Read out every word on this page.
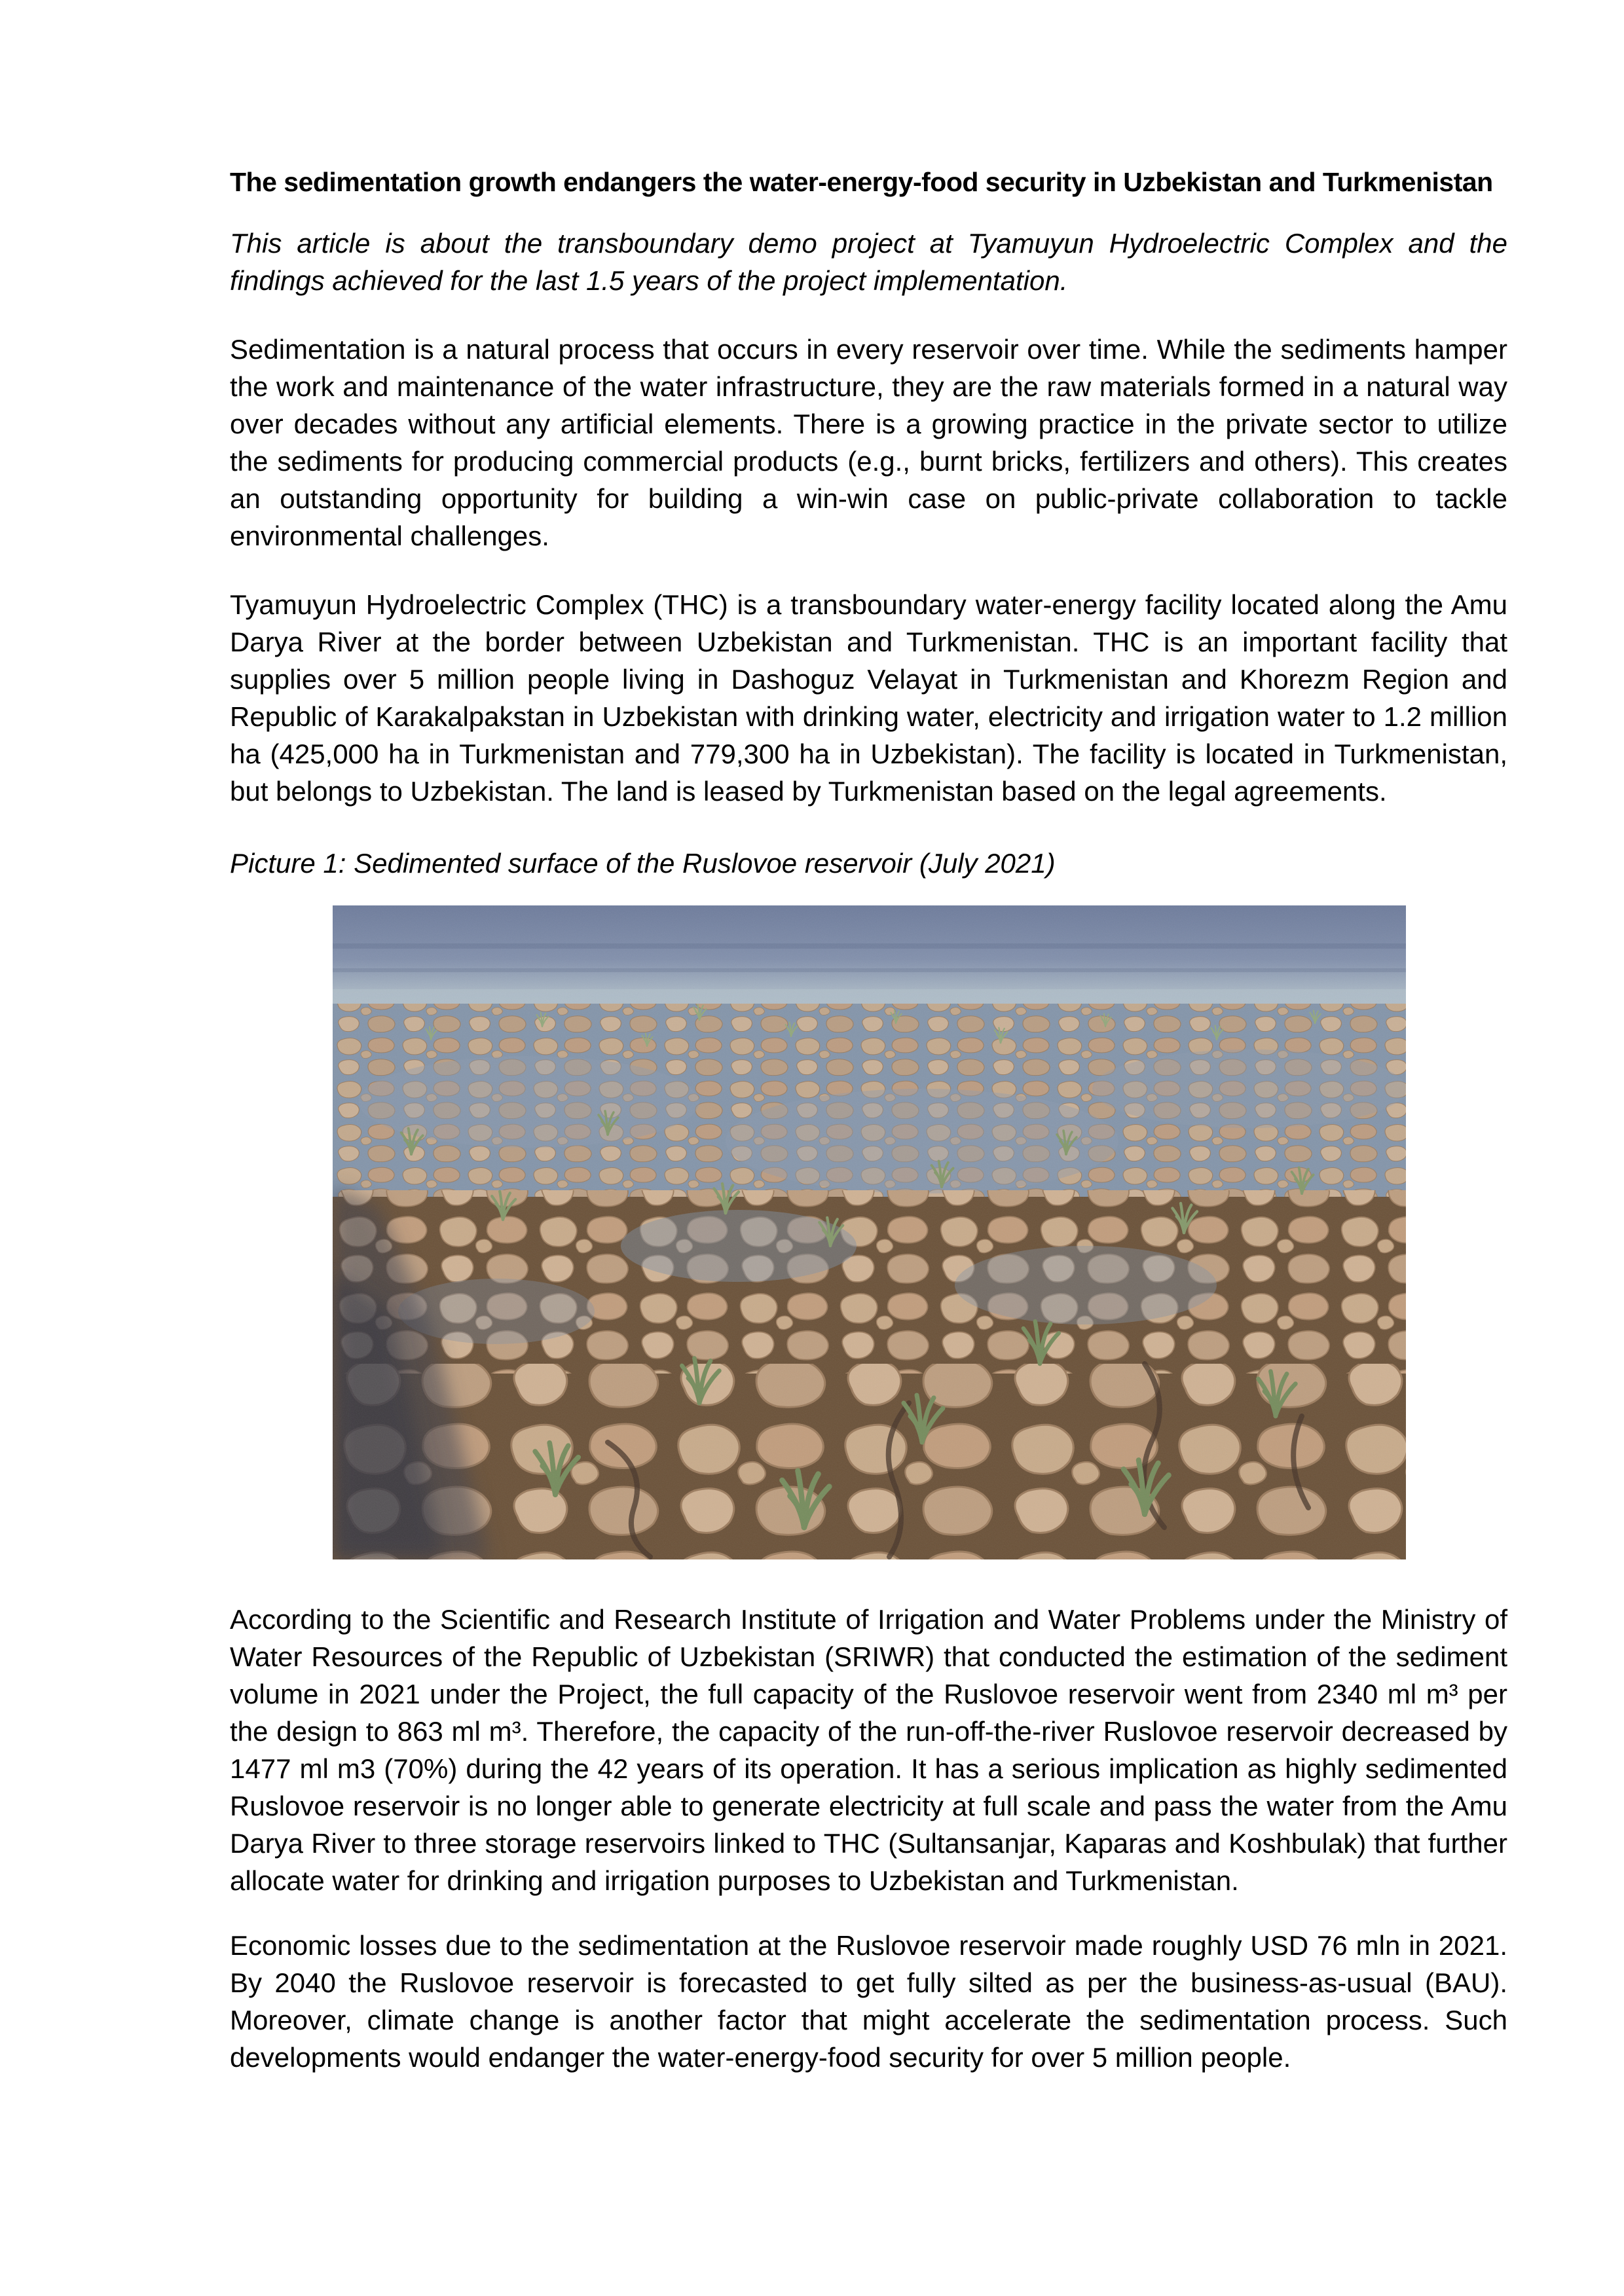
The sedimentation growth endangers the water-energy-food security in Uzbekistan and Turkmenistan

This article is about the transboundary demo project at Tyamuyun Hydroelectric Complex and the findings achieved for the last 1.5 years of the project implementation.

Sedimentation is a natural process that occurs in every reservoir over time. While the sediments hamper the work and maintenance of the water infrastructure, they are the raw materials formed in a natural way over decades without any artificial elements. There is a growing practice in the private sector to utilize the sediments for producing commercial products (e.g., burnt bricks, fertilizers and others). This creates an outstanding opportunity for building a win-win case on public-private collaboration to tackle environmental challenges.

Tyamuyun Hydroelectric Complex (THC) is a transboundary water-energy facility located along the Amu Darya River at the border between Uzbekistan and Turkmenistan. THC is an important facility that supplies over 5 million people living in Dashoguz Velayat in Turkmenistan and Khorezm Region and Republic of Karakalpakstan in Uzbekistan with drinking water, electricity and irrigation water to 1.2 million ha (425,000 ha in Turkmenistan and 779,300 ha in Uzbekistan). The facility is located in Turkmenistan, but belongs to Uzbekistan. The land is leased by Turkmenistan based on the legal agreements.

Picture 1: Sedimented surface of the Ruslovoe reservoir (July 2021)

According to the Scientific and Research Institute of Irrigation and Water Problems under the Ministry of Water Resources of the Republic of Uzbekistan (SRIWR) that conducted the estimation of the sediment volume in 2021 under the Project, the full capacity of the Ruslovoe reservoir went from 2340 ml m³ per the design to 863 ml m³. Therefore, the capacity of the run-off-the-river Ruslovoe reservoir decreased by 1477 ml m3 (70%) during the 42 years of its operation. It has a serious implication as highly sedimented Ruslovoe reservoir is no longer able to generate electricity at full scale and pass the water from the Amu Darya River to three storage reservoirs linked to THC (Sultansanjar, Kaparas and Koshbulak) that further allocate water for drinking and irrigation purposes to Uzbekistan and Turkmenistan.

Economic losses due to the sedimentation at the Ruslovoe reservoir made roughly USD 76 mln in 2021. By 2040 the Ruslovoe reservoir is forecasted to get fully silted as per the business-as-usual (BAU). Moreover, climate change is another factor that might accelerate the sedimentation process. Such developments would endanger the water-energy-food security for over 5 million people.
